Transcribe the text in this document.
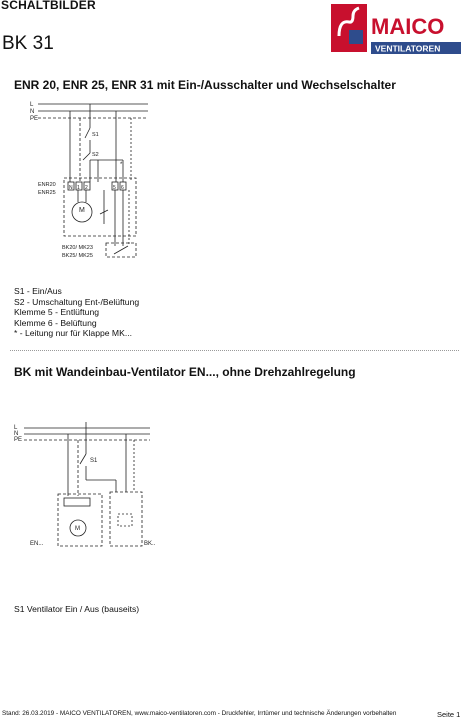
SCHALTBILDER
BK 31
MAICO
VENTILATOREN
ENR 20, ENR 25, ENR 31 mit Ein-/Ausschalter und Wechselschalter
L
N
PE
S1
S2
*
N 1 2	5 6
ENR20
ENR25
M
BK20/ MK23
BK25/ MK25
S1 - Ein/Aus
S2 - Umschaltung Ent-/Belüftung
Klemme 5 - Entlüftung
Klemme 6 - Belüftung
* - Leitung nur für Klappe MK...
BK mit Wandeinbau-Ventilator EN..., ohne Drehzahlregelung
L
N
PE
S1
M
EN...	BK..
S1 Ventilator Ein / Aus (bauseits)
Stand: 26.03.2019 - MAICO VENTILATOREN, www.maico-ventilatoren.com - Druckfehler, Irrtümer und technische Änderungen vorbehalten	Seite 1
